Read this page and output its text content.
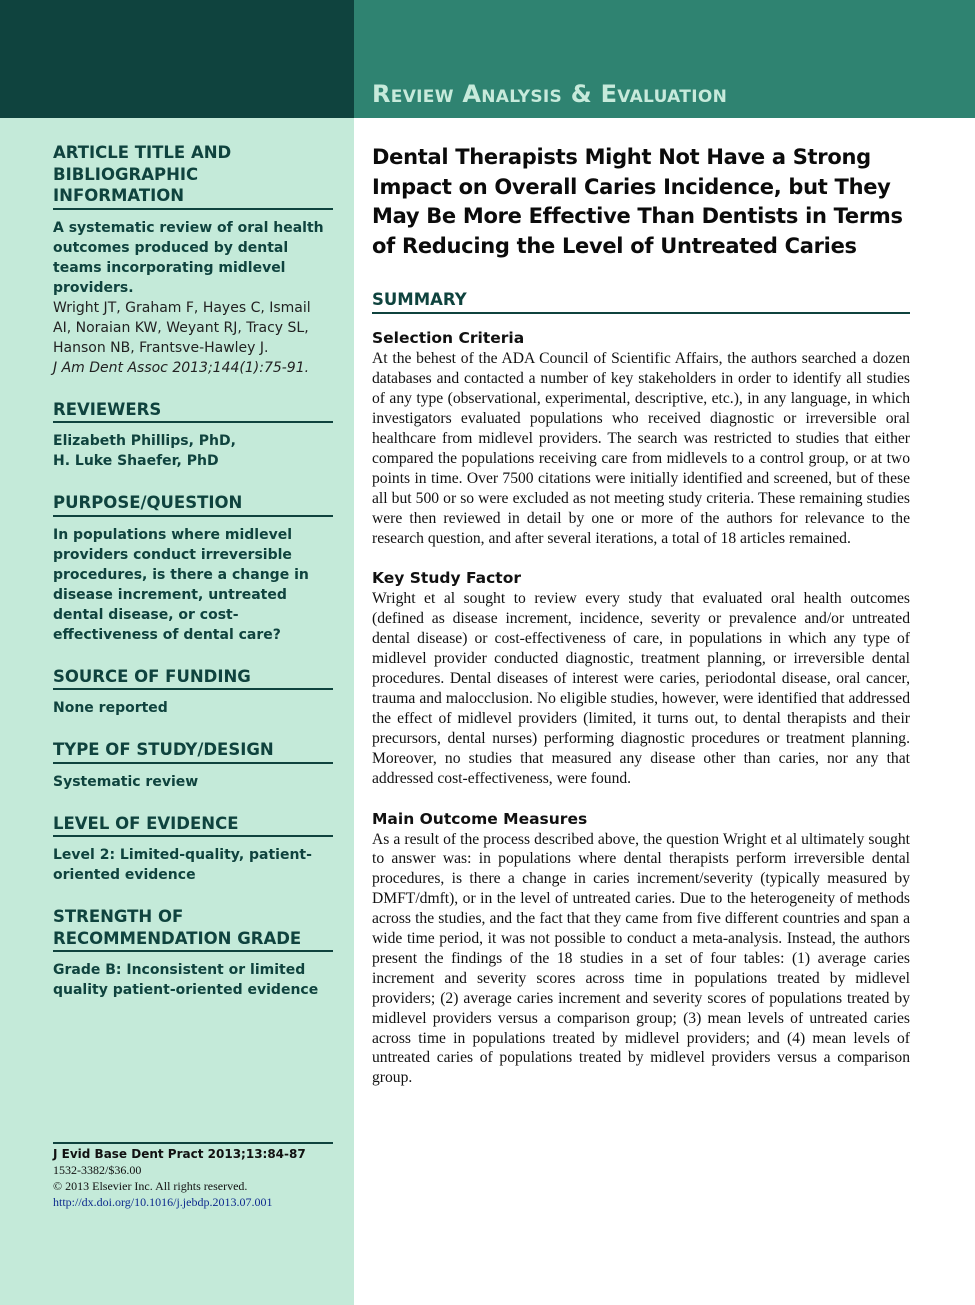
Review Analysis & Evaluation
ARTICLE TITLE AND BIBLIOGRAPHIC INFORMATION
A systematic review of oral health outcomes produced by dental teams incorporating midlevel providers.
Wright JT, Graham F, Hayes C, Ismail AI, Noraian KW, Weyant RJ, Tracy SL, Hanson NB, Frantsve-Hawley J.
J Am Dent Assoc 2013;144(1):75-91.
REVIEWERS
Elizabeth Phillips, PhD,
H. Luke Shaefer, PhD
PURPOSE/QUESTION
In populations where midlevel providers conduct irreversible procedures, is there a change in disease increment, untreated dental disease, or cost-effectiveness of dental care?
SOURCE OF FUNDING
None reported
TYPE OF STUDY/DESIGN
Systematic review
LEVEL OF EVIDENCE
Level 2: Limited-quality, patient-oriented evidence
STRENGTH OF RECOMMENDATION GRADE
Grade B: Inconsistent or limited quality patient-oriented evidence
J Evid Base Dent Pract 2013;13:84-87
1532-3382/$36.00
© 2013 Elsevier Inc. All rights reserved.
http://dx.doi.org/10.1016/j.jebdp.2013.07.001
Dental Therapists Might Not Have a Strong Impact on Overall Caries Incidence, but They May Be More Effective Than Dentists in Terms of Reducing the Level of Untreated Caries
SUMMARY
Selection Criteria

At the behest of the ADA Council of Scientific Affairs, the authors searched a dozen databases and contacted a number of key stakeholders in order to identify all studies of any type (observational, experimental, descriptive, etc.), in any language, in which investigators evaluated populations who received diagnostic or irreversible oral healthcare from midlevel providers. The search was restricted to studies that either compared the populations receiving care from midlevels to a control group, or at two points in time. Over 7500 citations were initially identified and screened, but of these all but 500 or so were excluded as not meeting study criteria. These remaining studies were then reviewed in detail by one or more of the authors for relevance to the research question, and after several iterations, a total of 18 articles remained.

Key Study Factor

Wright et al sought to review every study that evaluated oral health outcomes (defined as disease increment, incidence, severity or prevalence and/or untreated dental disease) or cost-effectiveness of care, in populations in which any type of midlevel provider conducted diagnostic, treatment planning, or irreversible dental procedures. Dental diseases of interest were caries, periodontal disease, oral cancer, trauma and malocclusion. No eligible studies, however, were identified that addressed the effect of midlevel providers (limited, it turns out, to dental therapists and their precursors, dental nurses) performing diagnostic procedures or treatment planning. Moreover, no studies that measured any disease other than caries, nor any that addressed cost-effectiveness, were found.

Main Outcome Measures

As a result of the process described above, the question Wright et al ultimately sought to answer was: in populations where dental therapists perform irreversible dental procedures, is there a change in caries increment/severity (typically measured by DMFT/dmft), or in the level of untreated caries. Due to the heterogeneity of methods across the studies, and the fact that they came from five different countries and span a wide time period, it was not possible to conduct a meta-analysis. Instead, the authors present the findings of the 18 studies in a set of four tables: (1) average caries increment and severity scores across time in populations treated by midlevel providers; (2) average caries increment and severity scores of populations treated by midlevel providers versus a comparison group; (3) mean levels of untreated caries across time in populations treated by midlevel providers; and (4) mean levels of untreated caries of populations treated by midlevel providers versus a comparison group.
